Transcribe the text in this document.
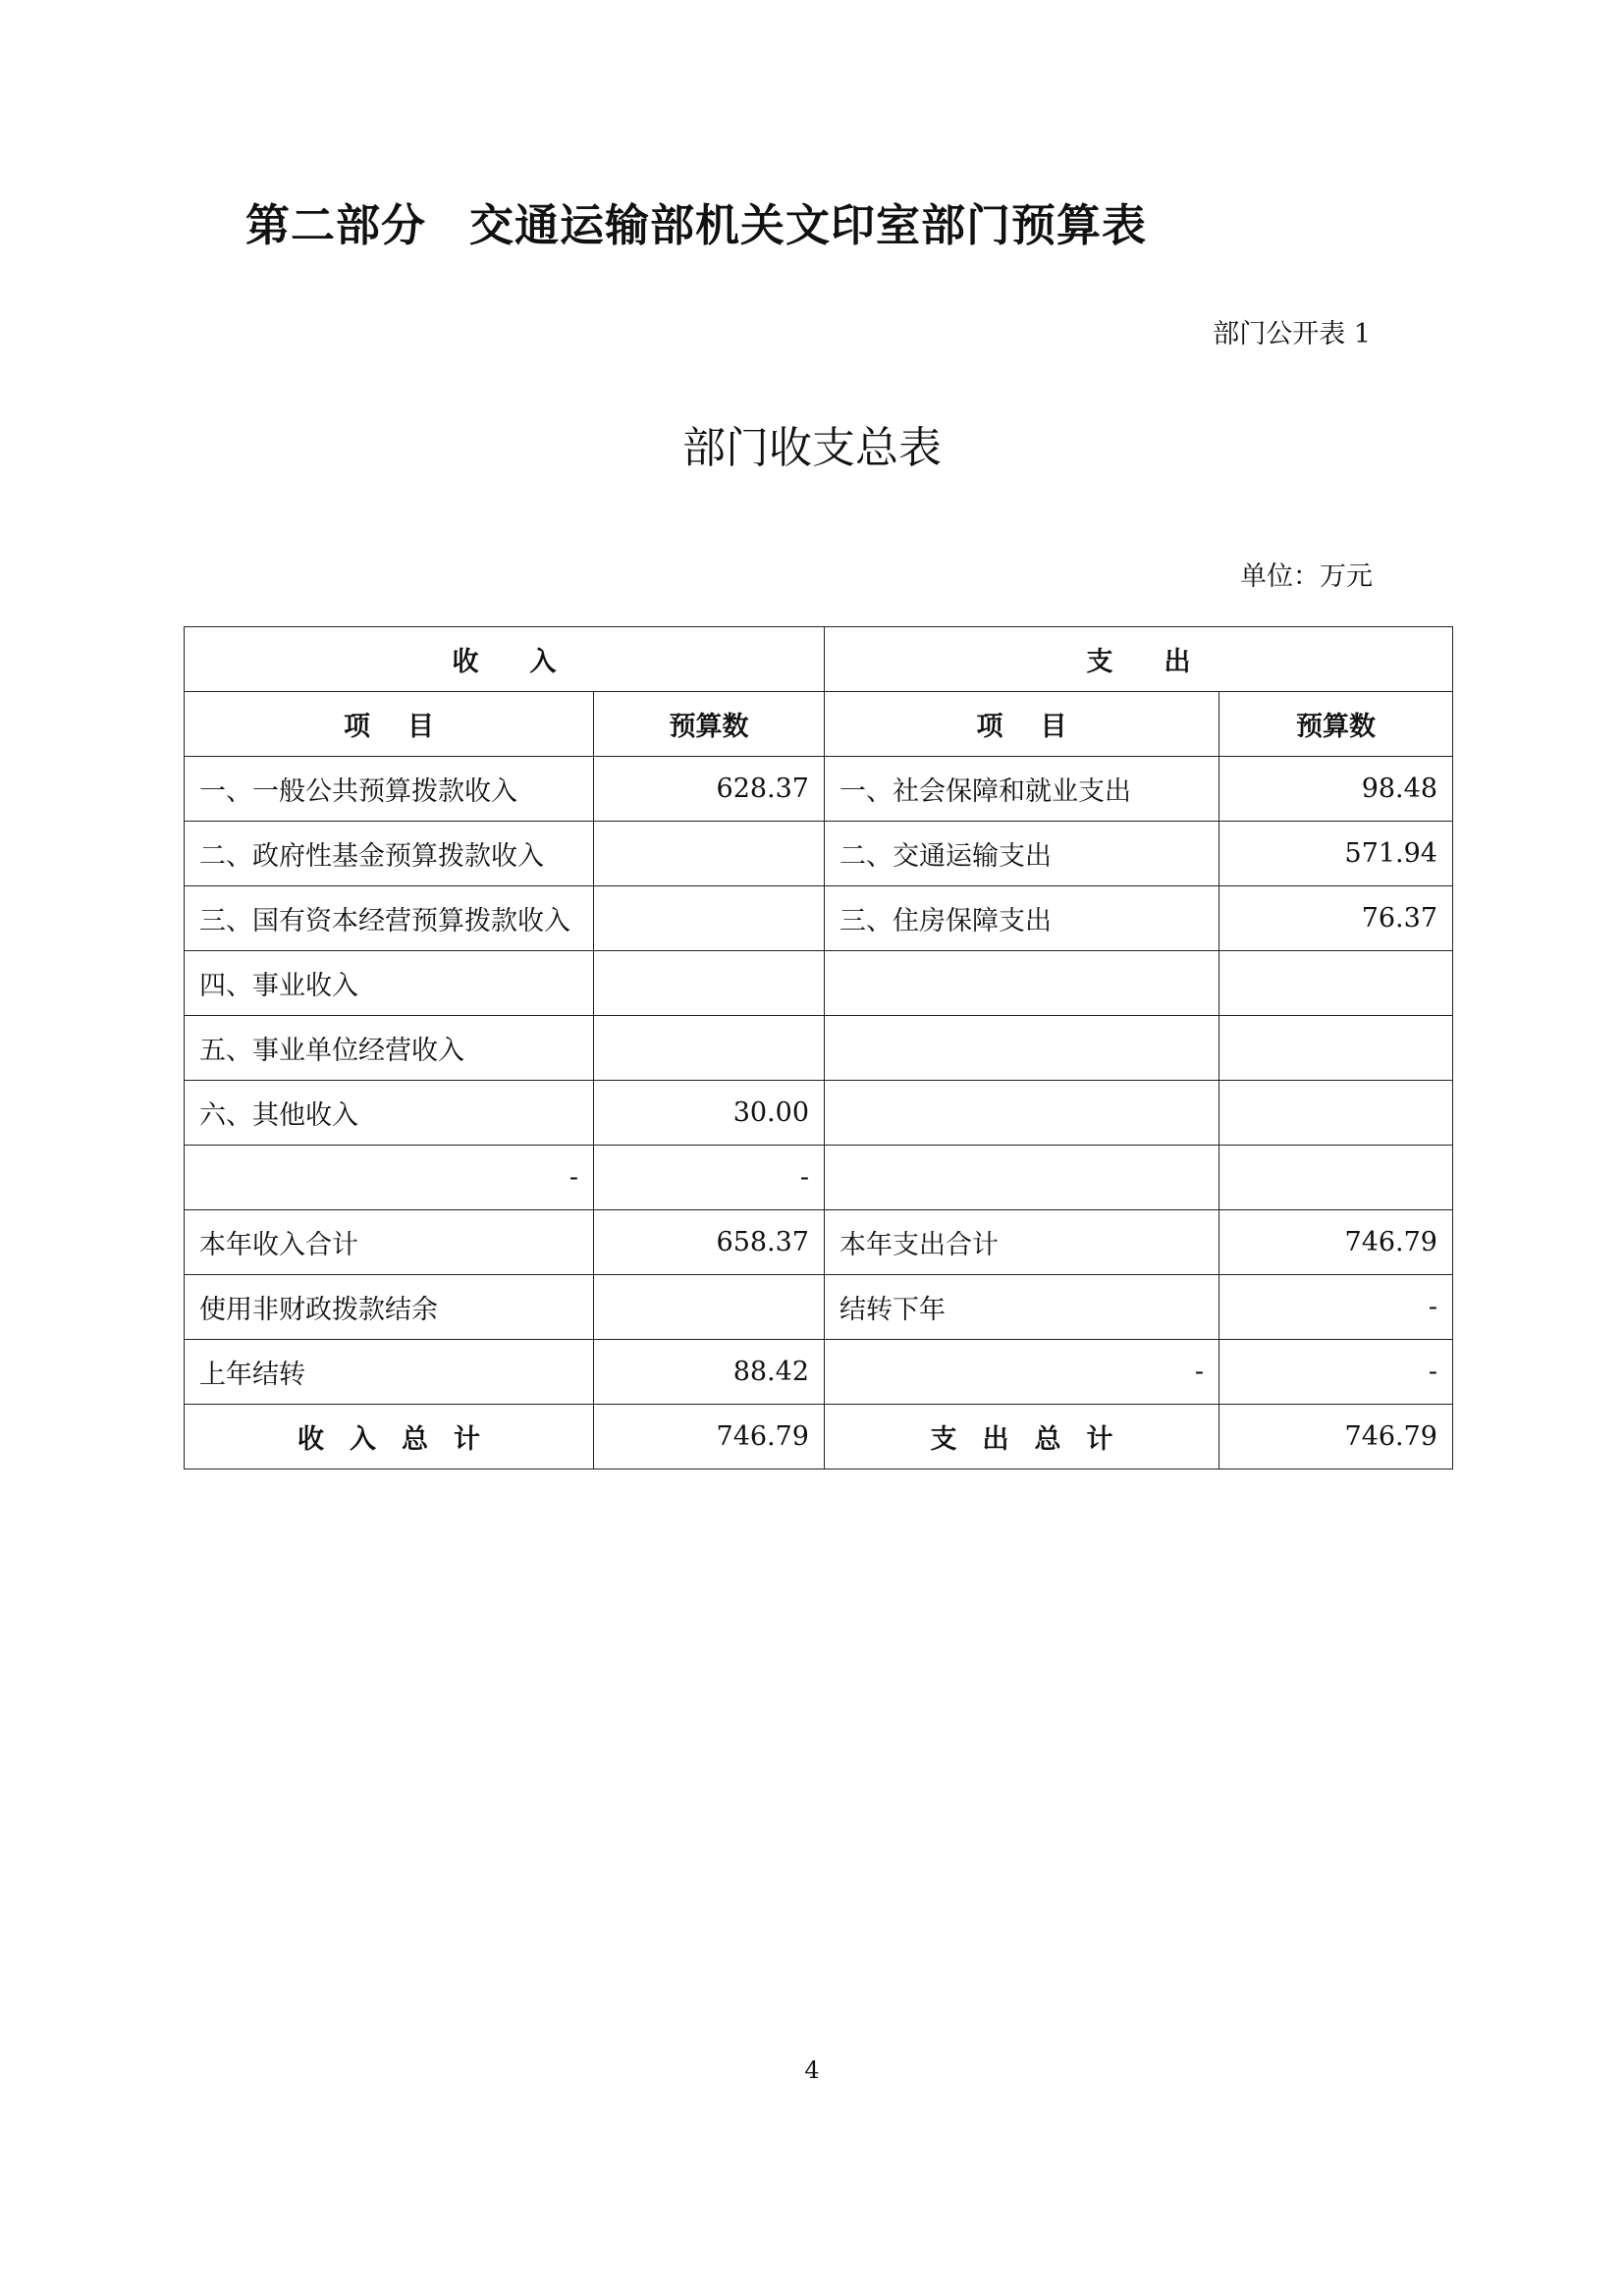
第二部分 交通运输部机关文印室部门预算表
部门公开表 1
部门收支总表
单位：万元
收入		支出	
项目	预算数	项目	预算数
一、一般公共预算拨款收入	628.37	一、社会保障和就业支出	98.48
二、政府性基金预算拨款收入		二、交通运输支出	571.94
三、国有资本经营预算拨款收入		三、住房保障支出	76.37
四、事业收入			
五、事业单位经营收入			
六、其他收入	30.00		
-	-		
本年收入合计	658.37	本年支出合计	746.79
使用非财政拨款结余		结转下年	-
上年结转	88.42	-	-
收入总计	746.79	支出总计	746.79
4
